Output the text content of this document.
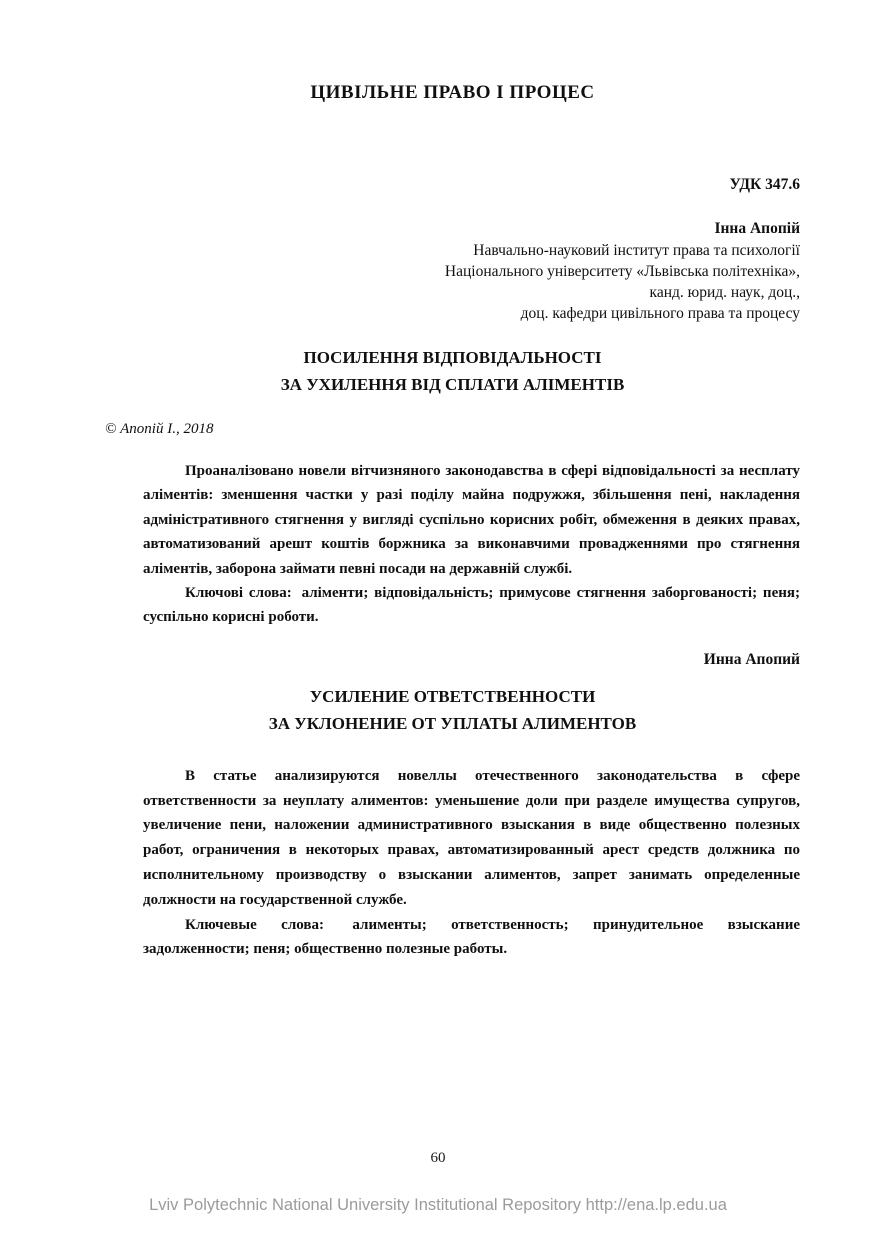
ЦИВІЛЬНЕ ПРАВО І ПРОЦЕС
УДК 347.6
Інна Апопій
Навчально-науковий інститут права та психології
Національного університету «Львівська політехніка»,
канд. юрид. наук, доц.,
доц. кафедри цивільного права та процесу
ПОСИЛЕННЯ ВІДПОВІДАЛЬНОСТІ
ЗА УХИЛЕННЯ ВІД СПЛАТИ АЛІМЕНТІВ
© Апопій І., 2018

Проаналізовано новели вітчизняного законодавства в сфері відповідальності за несплату аліментів: зменшення частки у разі поділу майна подружжя, збільшення пені, накладення адміністративного стягнення у вигляді суспільно корисних робіт, обмеження в деяких правах, автоматизований арешт коштів боржника за виконавчими провадженнями про стягнення аліментів, заборона займати певні посади на державній службі.

Ключові слова: аліменти; відповідальність; примусове стягнення заборгованості; пеня; суспільно корисні роботи.

Инна Апопий
УСИЛЕНИЕ ОТВЕТСТВЕННОСТИ
ЗА УКЛОНЕНИЕ ОТ УПЛАТЫ АЛИМЕНТОВ

В статье анализируются новеллы отечественного законодательства в сфере ответственности за неуплату алиментов: уменьшение доли при разделе имущества супругов, увеличение пени, наложении административного взыскания в виде общественно полезных работ, ограничения в некоторых правах, автоматизированный арест средств должника по исполнительному производству о взыскании алиментов, запрет занимать определенные должности на государственной службе.

Ключевые слова: алименты; ответственность; принудительное взыскание задолженности; пеня; общественно полезные работы.

60
Lviv Polytechnic National University Institutional Repository http://ena.lp.edu.ua
